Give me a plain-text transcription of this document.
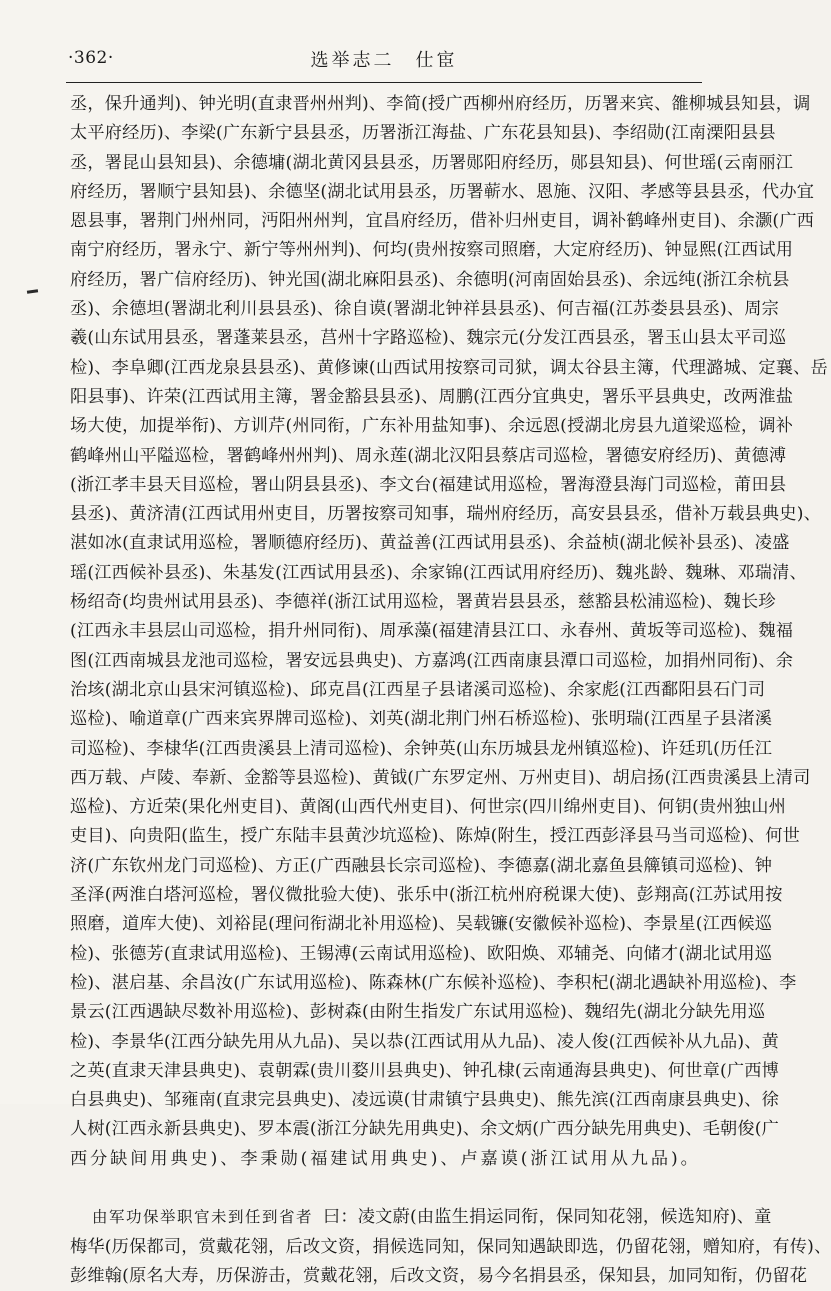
·362·	选举志二　仕宦
丞，保升通判)、钟光明(直隶晋州州判)、李简(授广西柳州府经历，历署来宾、雒柳城县知县，调
太平府经历)、李梁(广东新宁县县丞，历署浙江海盐、广东花县知县)、李绍勋(江南溧阳县县
丞，署昆山县知县)、余德墉(湖北黄冈县县丞，历署郧阳府经历，郧县知县)、何世瑶(云南丽江
府经历，署顺宁县知县)、余德坚(湖北试用县丞，历署蕲水、恩施、汉阳、孝感等县县丞，代办宜
恩县事，署荆门州州同，沔阳州州判，宜昌府经历，借补归州吏目，调补鹤峰州吏目)、余灏(广西
南宁府经历，署永宁、新宁等州州判)、何均(贵州按察司照磨，大定府经历)、钟显熙(江西试用
府经历，署广信府经历)、钟光国(湖北麻阳县丞)、余德明(河南固始县丞)、余远纯(浙江余杭县
丞)、余德坦(署湖北利川县县丞)、徐自谟(署湖北钟祥县县丞)、何吉福(江苏娄县县丞)、周宗
羲(山东试用县丞，署蓬莱县丞，莒州十字路巡检)、魏宗元(分发江西县丞，署玉山县太平司巡
检)、李阜卿(江西龙泉县县丞)、黄修谏(山西试用按察司司狱，调太谷县主簿，代理潞城、定襄、岳
阳县事)、许荣(江西试用主簿，署金豁县县丞)、周鹏(江西分宜典史，署乐平县典史，改两淮盐
场大使，加提举衔)、方训芹(州同衔，广东补用盐知事)、余远恩(授湖北房县九道梁巡检，调补
鹤峰州山平隘巡检，署鹤峰州州判)、周永莲(湖北汉阳县蔡店司巡检，署德安府经历)、黄德溥
(浙江孝丰县天目巡检，署山阴县县丞)、李文台(福建试用巡检，署海澄县海门司巡检，莆田县
县丞)、黄济清(江西试用州吏目，历署按察司知事，瑞州府经历，高安县县丞，借补万载县典史)、
湛如冰(直隶试用巡检，署顺德府经历)、黄益善(江西试用县丞)、余益桢(湖北候补县丞)、凌盛
瑶(江西候补县丞)、朱基发(江西试用县丞)、余家锦(江西试用府经历)、魏兆龄、魏琳、邓瑞清、
杨绍奇(均贵州试用县丞)、李德祥(浙江试用巡检，署黄岩县县丞，慈豁县松浦巡检)、魏长珍
(江西永丰县层山司巡检，捐升州同衔)、周承藻(福建清县江口、永春州、黄坂等司巡检)、魏福
图(江西南城县龙池司巡检，署安远县典史)、方嘉鸿(江西南康县潭口司巡检，加捐州同衔)、余
治垓(湖北京山县宋河镇巡检)、邱克昌(江西星子县诸溪司巡检)、余家彪(江西鄱阳县石门司
巡检)、喻道章(广西来宾界牌司巡检)、刘英(湖北荆门州石桥巡检)、张明瑞(江西星子县渚溪
司巡检)、李棣华(江西贵溪县上清司巡检)、余钟英(山东历城县龙州镇巡检)、许廷玑(历任江
西万载、卢陵、奉新、金豁等县巡检)、黄钺(广东罗定州、万州吏目)、胡启扬(江西贵溪县上清司
巡检)、方近荣(果化州吏目)、黄阁(山西代州吏目)、何世宗(四川绵州吏目)、何钥(贵州独山州
吏目)、向贵阳(监生，授广东陆丰县黄沙坑巡检)、陈焯(附生，授江西彭泽县马当司巡检)、何世
济(广东钦州龙门司巡检)、方正(广西融县长宗司巡检)、李德嘉(湖北嘉鱼县簰镇司巡检)、钟
圣泽(两淮白塔河巡检，署仪微批验大使)、张乐中(浙江杭州府税课大使)、彭翔高(江苏试用按
照磨，道库大使)、刘裕昆(理问衔湖北补用巡检)、吴载镰(安徽候补巡检)、李景星(江西候巡
检)、张德芳(直隶试用巡检)、王锡溥(云南试用巡检)、欧阳焕、邓辅尧、向储才(湖北试用巡
检)、湛启基、余昌汝(广东试用巡检)、陈森林(广东候补巡检)、李积杞(湖北遇缺补用巡检)、李
景云(江西遇缺尽数补用巡检)、彭树森(由附生指发广东试用巡检)、魏绍先(湖北分缺先用巡
检)、李景华(江西分缺先用从九品)、吴以恭(江西试用从九品)、凌人俊(江西候补从九品)、黄
之英(直隶天津县典史)、袁朝霖(贵川婺川县典史)、钟孔棣(云南通海县典史)、何世章(广西博
白县典史)、邹雍南(直隶完县典史)、凌远谟(甘肃镇宁县典史)、熊先滨(江西南康县典史)、徐
人树(江西永新县典史)、罗本震(浙江分缺先用典史)、余文炳(广西分缺先用典史)、毛朝俊(广
西分缺间用典史)、李秉勋(福建试用典史)、卢嘉谟(浙江试用从九品)。
由军功保举职官未到任到省者 曰：凌文蔚(由监生捐运同衔，保同知花翎，候选知府)、童
梅华(历保都司，赏戴花翎，后改文资，捐候选同知，保同知遇缺即选，仍留花翎，赠知府，有传)、
彭维翰(原名大寿，历保游击，赏戴花翎，后改文资，易今名捐县丞，保知县，加同知衔，仍留花
